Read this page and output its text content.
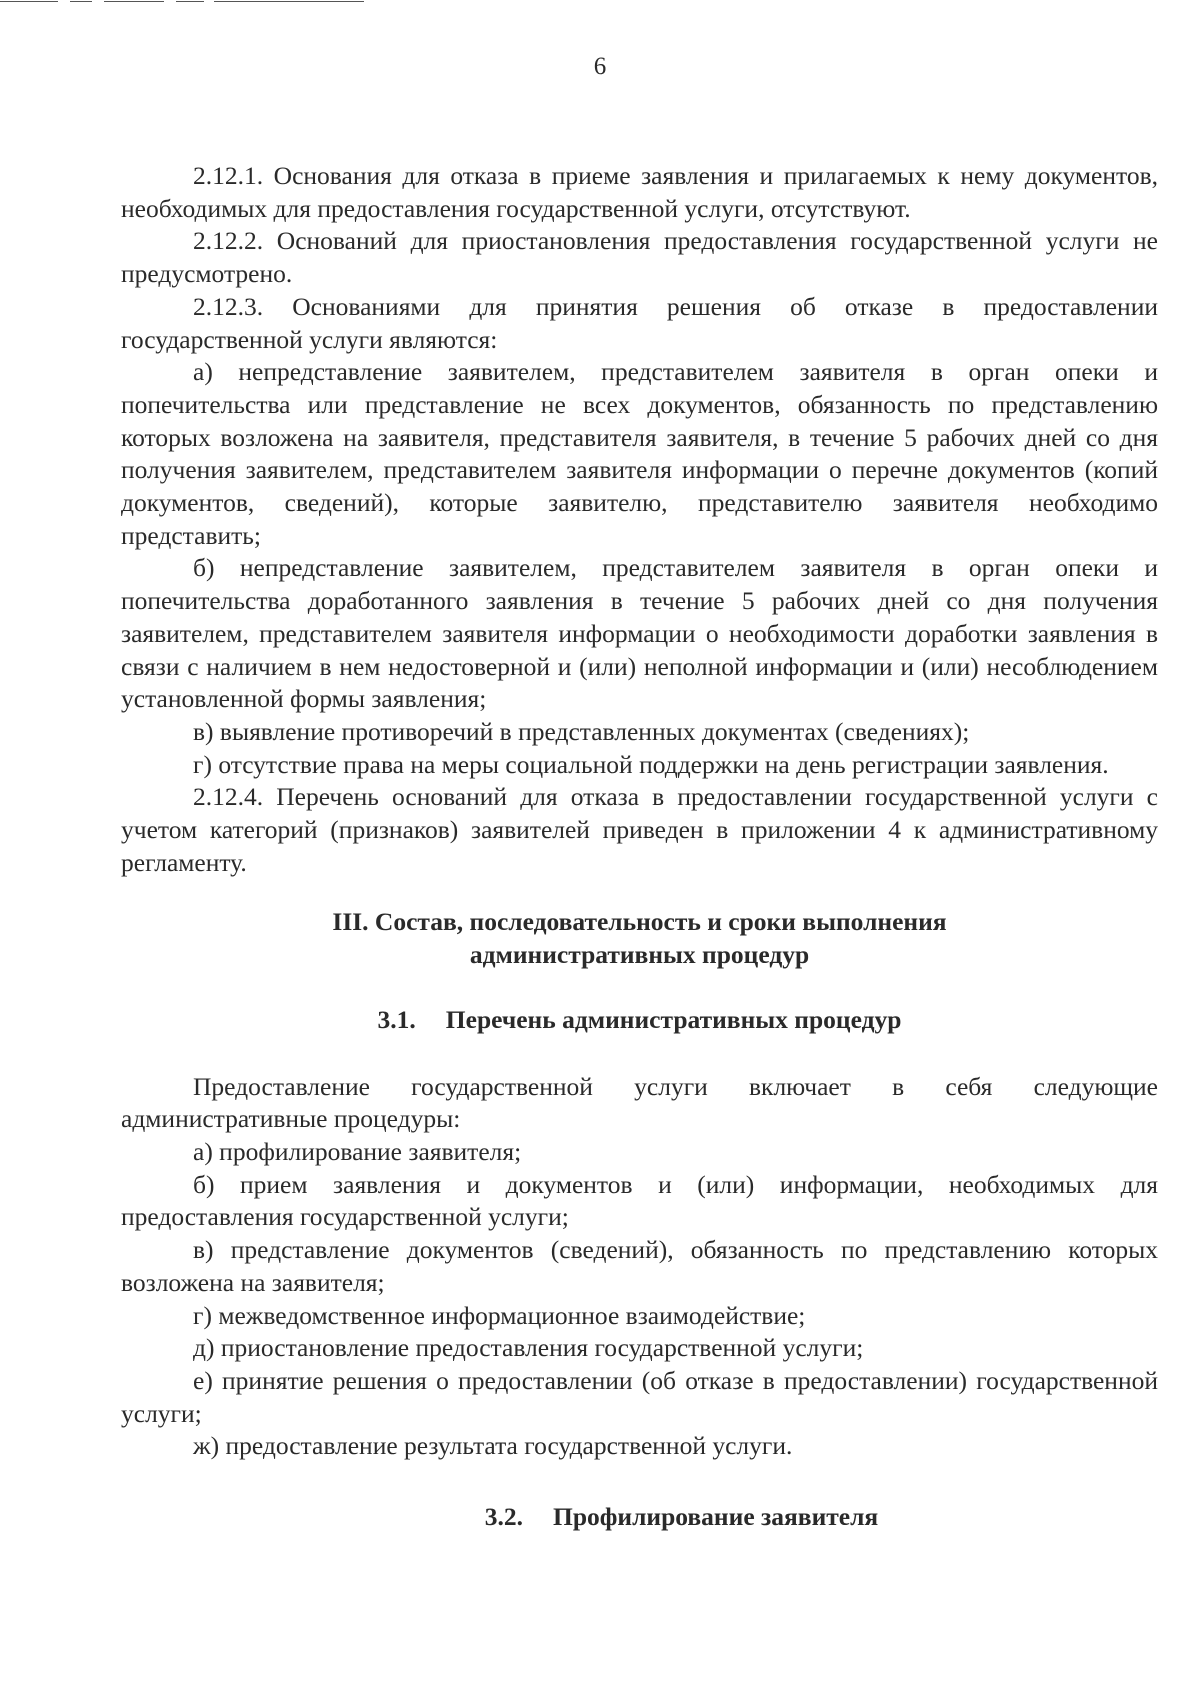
6

2.12.1. Основания для отказа в приеме заявления и прилагаемых к нему документов, необходимых для предоставления государственной услуги, отсутствуют.

2.12.2. Оснований для приостановления предоставления государственной услуги не предусмотрено.

2.12.3. Основаниями для принятия решения об отказе в предоставлении государственной услуги являются:

а) непредставление заявителем, представителем заявителя в орган опеки и попечительства или представление не всех документов, обязанность по представлению которых возложена на заявителя, представителя заявителя, в течение 5 рабочих дней со дня получения заявителем, представителем заявителя информации о перечне документов (копий документов, сведений), которые заявителю, представителю заявителя необходимо представить;

б) непредставление заявителем, представителем заявителя в орган опеки и попечительства доработанного заявления в течение 5 рабочих дней со дня получения заявителем, представителем заявителя информации о необходимости доработки заявления в связи с наличием в нем недостоверной и (или) неполной информации и (или) несоблюдением установленной формы заявления;

в) выявление противоречий в представленных документах (сведениях);

г) отсутствие права на меры социальной поддержки на день регистрации заявления.

2.12.4. Перечень оснований для отказа в предоставлении государственной услуги с учетом категорий (признаков) заявителей приведен в приложении 4 к административному регламенту.

III. Состав, последовательность и сроки выполнения
административных процедур
3.1. Перечень административных процедур

Предоставление государственной услуги включает в себя следующие административные процедуры:

а) профилирование заявителя;

б) прием заявления и документов и (или) информации, необходимых для предоставления государственной услуги;

в) представление документов (сведений), обязанность по представлению которых возложена на заявителя;

г) межведомственное информационное взаимодействие;

д) приостановление предоставления государственной услуги;

е) принятие решения о предоставлении (об отказе в предоставлении) государственной услуги;

ж) предоставление результата государственной услуги.

3.2. Профилирование заявителя
